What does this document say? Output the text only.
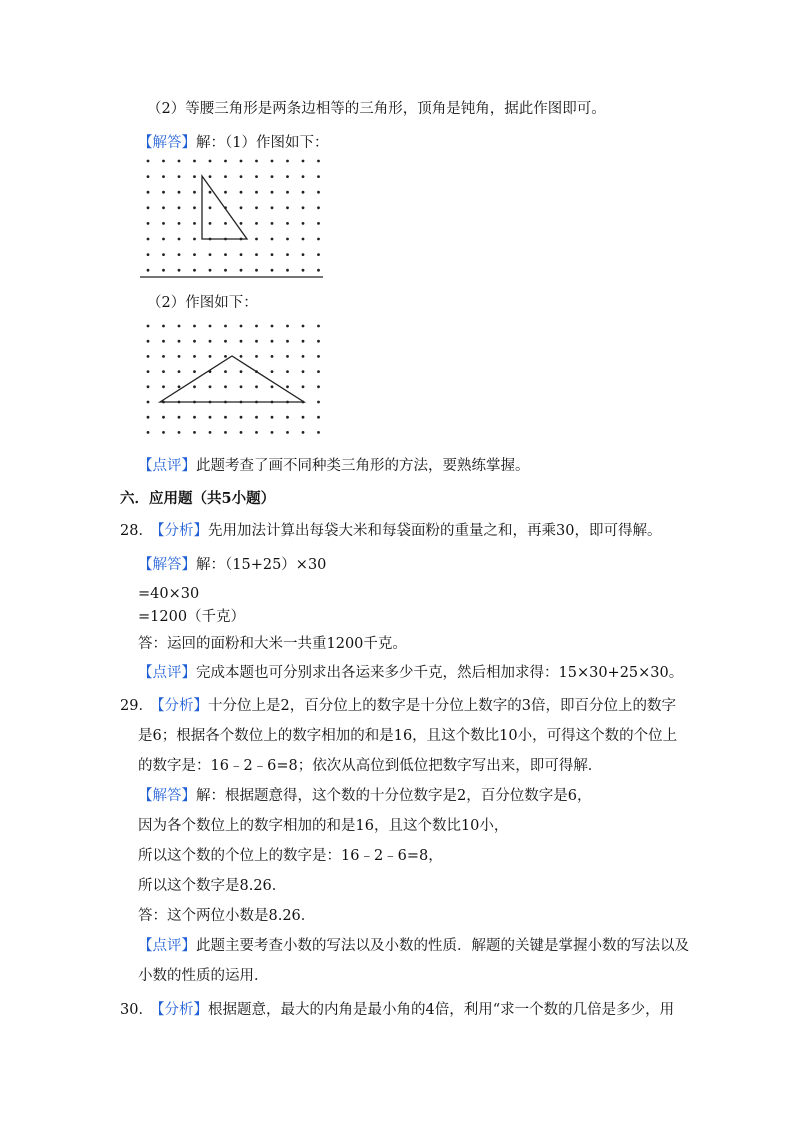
（2）等腰三角形是两条边相等的三角形，顶角是钝角，据此作图即可。
【解答】解：（1）作图如下：
（2）作图如下：
【点评】此题考查了画不同种类三角形的方法，要熟练掌握。
六．应用题（共5小题）
28．【分析】先用加法计算出每袋大米和每袋面粉的重量之和，再乘30，即可得解。
【解答】解：（15+25）×30
=40×30
=1200（千克）
答：运回的面粉和大米一共重1200千克。
【点评】完成本题也可分别求出各运来多少千克，然后相加求得：15×30+25×30。
29．【分析】十分位上是2，百分位上的数字是十分位上数字的3倍，即百分位上的数字
是6；根据各个数位上的数字相加的和是16，且这个数比10小，可得这个数的个位上
的数字是：16﹣2﹣6=8；依次从高位到低位把数字写出来，即可得解．
【解答】解：根据题意得，这个数的十分位数字是2，百分位数字是6，
因为各个数位上的数字相加的和是16，且这个数比10小，
所以这个数的个位上的数字是：16﹣2﹣6=8，
所以这个数字是8.26．
答：这个两位小数是8.26．
【点评】此题主要考查小数的写法以及小数的性质．解题的关键是掌握小数的写法以及
小数的性质的运用．
30．【分析】根据题意，最大的内角是最小角的4倍，利用“求一个数的几倍是多少，用
